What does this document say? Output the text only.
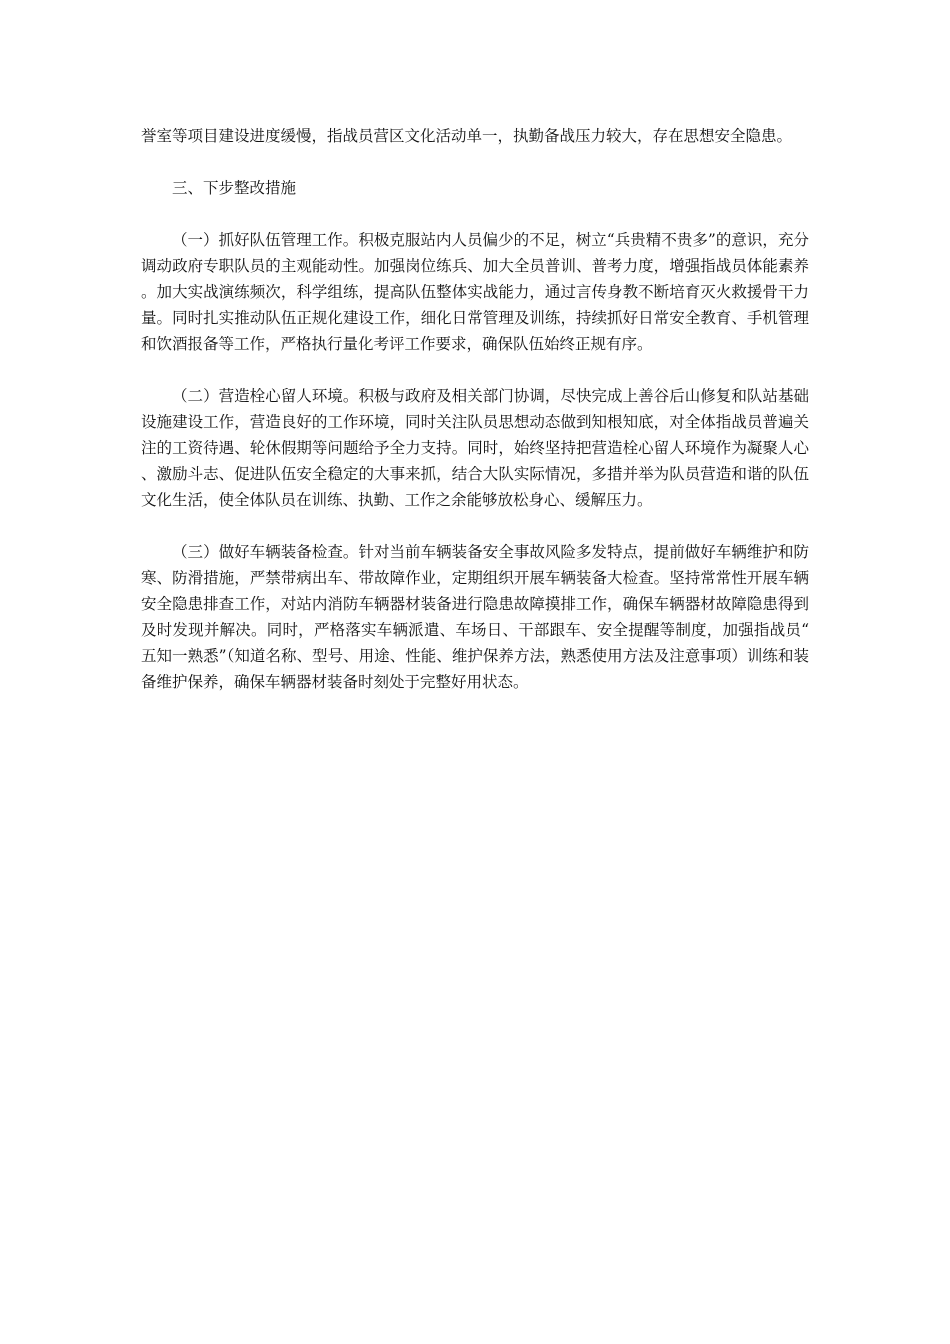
誉室等项目建设进度缓慢，指战员营区文化活动单一，执勤备战压力较大，存在思想安全隐患。

三、下步整改措施

（一）抓好队伍管理工作。积极克服站内人员偏少的不足，树立“兵贵精不贵多”的意识，充分调动政府专职队员的主观能动性。加强岗位练兵、加大全员普训、普考力度，增强指战员体能素养。加大实战演练频次，科学组练，提高队伍整体实战能力，通过言传身教不断培育灭火救援骨干力量。同时扎实推动队伍正规化建设工作，细化日常管理及训练，持续抓好日常安全教育、手机管理和饮酒报备等工作，严格执行量化考评工作要求，确保队伍始终正规有序。

（二）营造栓心留人环境。积极与政府及相关部门协调，尽快完成上善谷后山修复和队站基础设施建设工作，营造良好的工作环境，同时关注队员思想动态做到知根知底，对全体指战员普遍关注的工资待遇、轮休假期等问题给予全力支持。同时，始终坚持把营造栓心留人环境作为凝聚人心、激励斗志、促进队伍安全稳定的大事来抓，结合大队实际情况，多措并举为队员营造和谐的队伍文化生活，使全体队员在训练、执勤、工作之余能够放松身心、缓解压力。

（三）做好车辆装备检查。针对当前车辆装备安全事故风险多发特点，提前做好车辆维护和防寒、防滑措施，严禁带病出车、带故障作业，定期组织开展车辆装备大检查。坚持常常性开展车辆安全隐患排查工作，对站内消防车辆器材装备进行隐患故障摸排工作，确保车辆器材故障隐患得到及时发现并解决。同时，严格落实车辆派遣、车场日、干部跟车、安全提醒等制度，加强指战员“五知一熟悉”（知道名称、型号、用途、性能、维护保养方法，熟悉使用方法及注意事项）训练和装备维护保养，确保车辆器材装备时刻处于完整好用状态。
